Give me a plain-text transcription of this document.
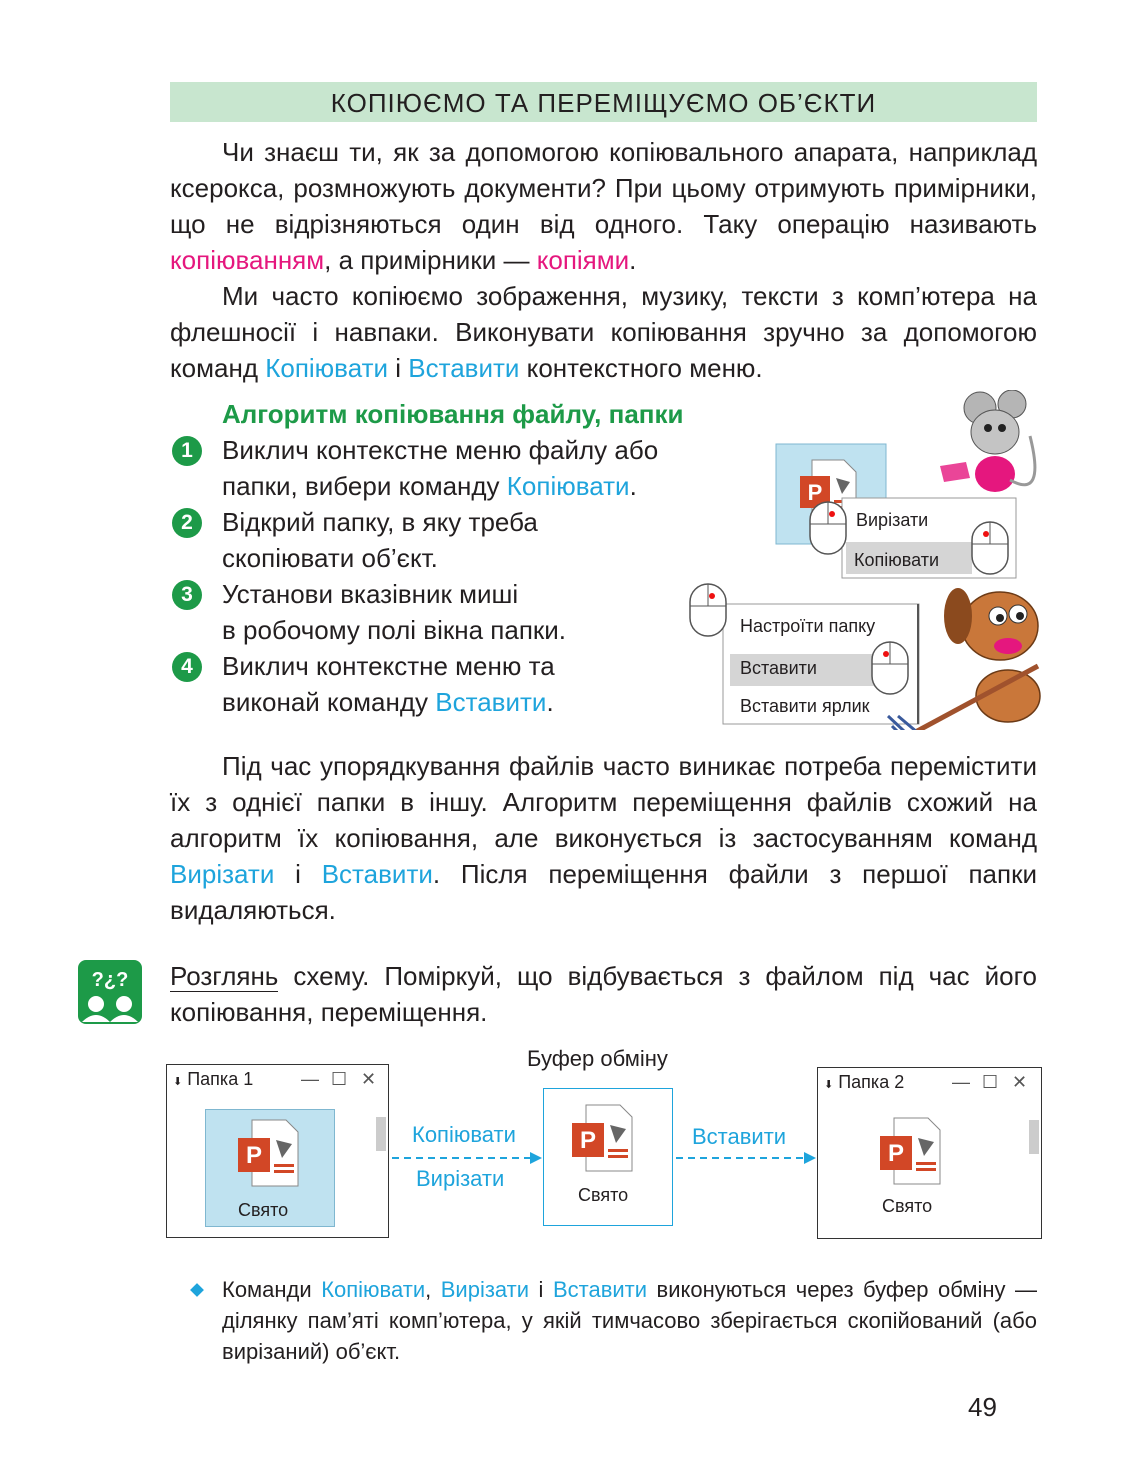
КОПІЮЄМО ТА ПЕРЕМІЩУЄМО ОБ’ЄКТИ

Чи знаєш ти, як за допомогою копіювального апарата, наприклад ксерокса, розмножують документи? При цьому отримують примірники, що не відрізняються один від одного. Таку операцію називають копіюванням, а примірники — копіями.

Ми часто копіюємо зображення, музику, тексти з комп’ютера на флешносії і навпаки. Виконувати копіювання зручно за допомогою команд Копіювати і Вставити контекстного меню.

Алгоритм копіювання файлу, папки
1	Виклич контекстне меню файлу або
папки, вибери команду Копіювати.
2	Відкрий папку, в яку треба
скопіювати об’єкт.
3	Установи вказівник миші
в робочому полі вікна папки.
4	Виклич контекстне меню та
виконай команду Вставити.
P
Вирізати
Копіювати
Настроїти папку
Вставити
Вставити ярлик

Під час упорядкування файлів часто виникає потреба перемістити їх з однієї папки в іншу. Алгоритм переміщення файлів схожий на алгоритм їх копіювання, але виконується із застосуванням команд Вирізати і Вставити. Після переміщення файли з першої папки видаляються.

?¿? Розглянь схему. Поміркуй, що відбувається з файлом під час його копіювання, переміщення.
Буфер обміну
⬇ Папка 1	— ☐ ✕
P
Свято
Копіювати
Вирізати
P
Свято
Вставити
⬇ Папка 2	— ☐ ✕
P
Свято
Команди Копіювати, Вирізати і Вставити виконуються через буфер обміну — ділянку пам’яті комп’ютера, у якій тимчасово зберігається скопійований (або вирізаний) об’єкт.
49
